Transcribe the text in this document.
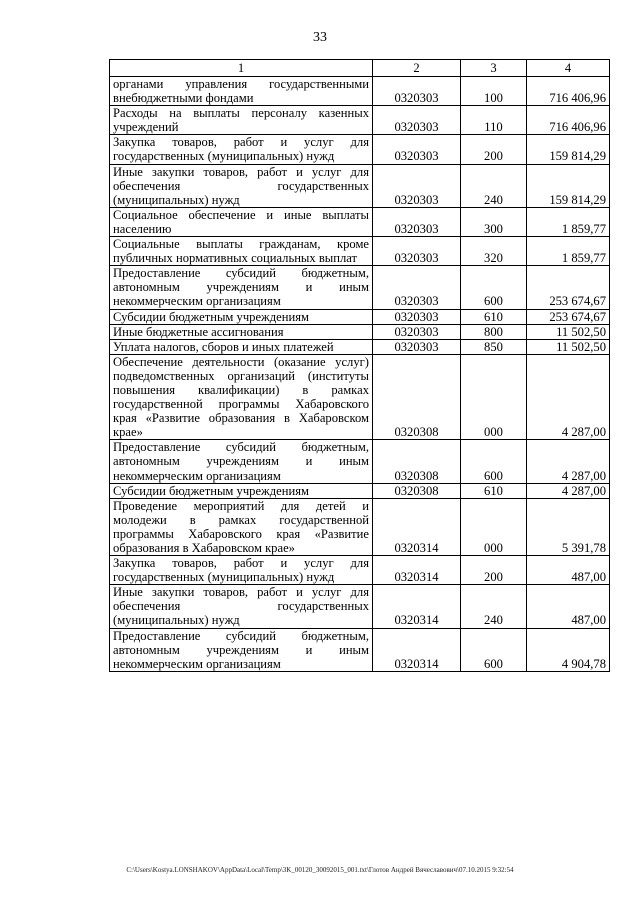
33
1	2	3	4
органами управления государственными внебюджетными фондами	0320303	100	716 406,96
Расходы на выплаты персоналу казенных учреждений	0320303	110	716 406,96
Закупка товаров, работ и услуг для государственных (муниципальных) нужд	0320303	200	159 814,29
Иные закупки товаров, работ и услуг для обеспечения государственных (муниципальных) нужд	0320303	240	159 814,29
Социальное обеспечение и иные выплаты населению	0320303	300	1 859,77
Социальные выплаты гражданам, кроме публичных нормативных социальных выплат	0320303	320	1 859,77
Предоставление субсидий бюджетным, автономным учреждениям и иным некоммерческим организациям	0320303	600	253 674,67
Субсидии бюджетным учреждениям	0320303	610	253 674,67
Иные бюджетные ассигнования	0320303	800	11 502,50
Уплата налогов, сборов и иных платежей	0320303	850	11 502,50
Обеспечение деятельности (оказание услуг) подведомственных организаций (институты повышения квалификации) в рамках государственной программы Хабаровского края «Развитие образования в Хабаровском крае»	0320308	000	4 287,00
Предоставление субсидий бюджетным, автономным учреждениям и иным некоммерческим организациям	0320308	600	4 287,00
Субсидии бюджетным учреждениям	0320308	610	4 287,00
Проведение мероприятий для детей и молодежи в рамках государственной программы Хабаровского края «Развитие образования в Хабаровском крае»	0320314	000	5 391,78
Закупка товаров, работ и услуг для государственных (муниципальных) нужд	0320314	200	487,00
Иные закупки товаров, работ и услуг для обеспечения государственных (муниципальных) нужд	0320314	240	487,00
Предоставление субсидий бюджетным, автономным учреждениям и иным некоммерческим организациям	0320314	600	4 904,78
C:\Users\Kostya.LONSHAKOV\AppData\Local\Temp\3K_00120_30092015_001.txt\Глотов Андрей Вячеславович\07.10.2015 9:32:54
